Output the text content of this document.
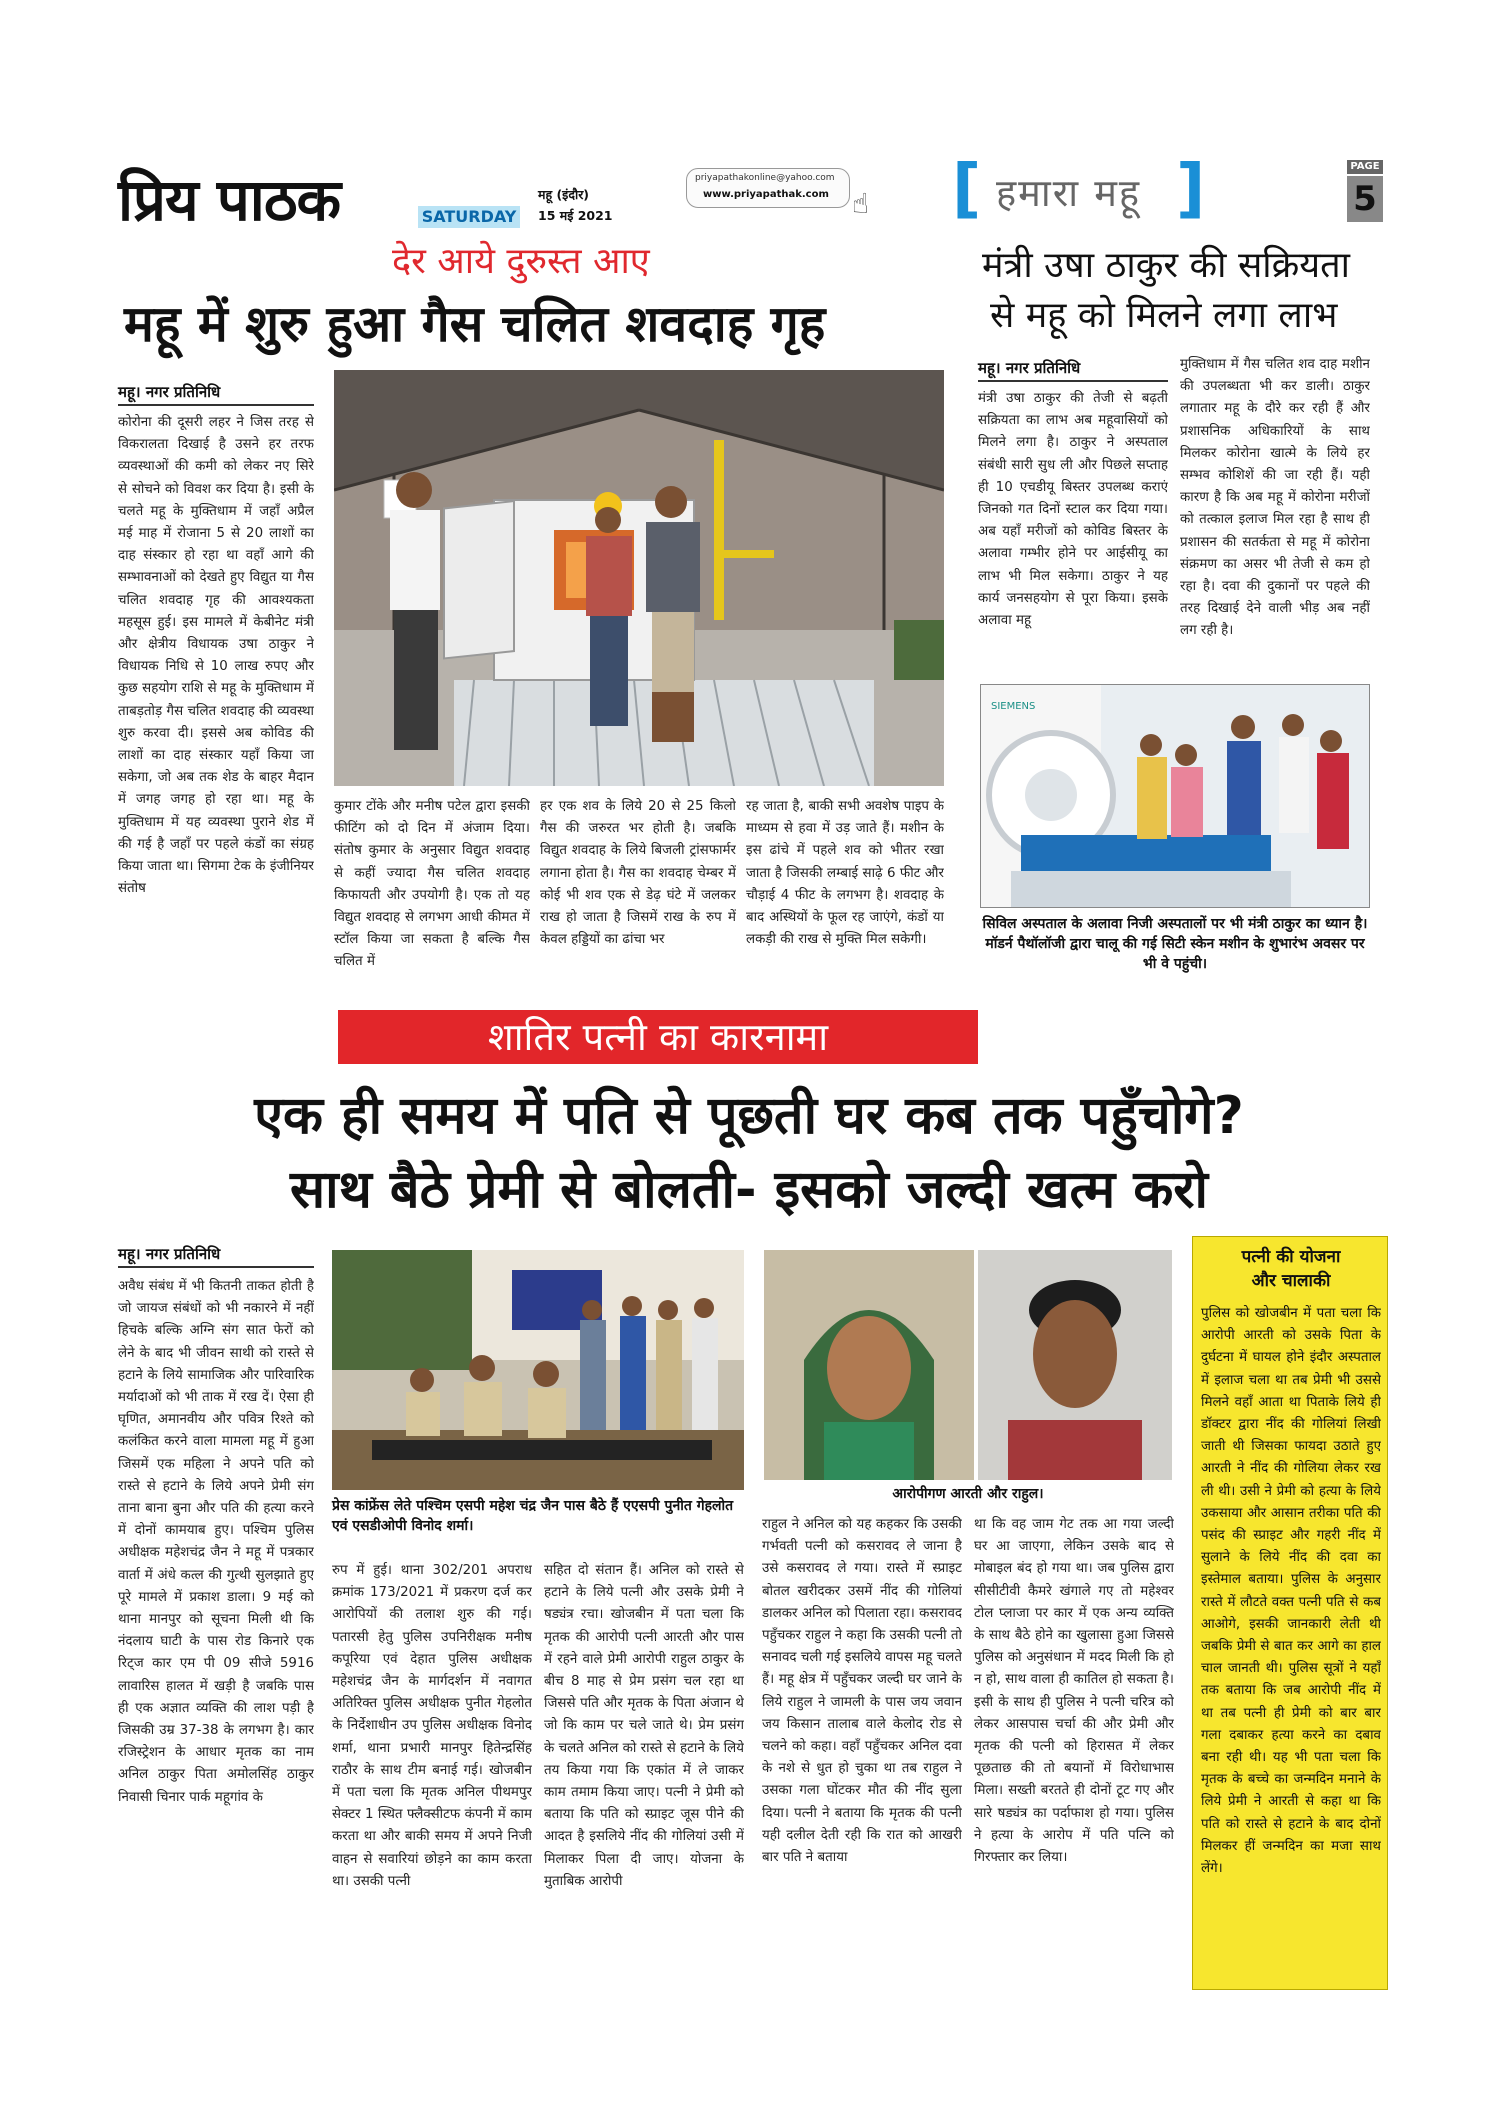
प्रिय पाठक	SATURDAY
महू (इंदौर)
15 मई 2021
priyapathakonline@yahoo.com
www.priyapathak.com ☝ [ हमारा महू ]	PAGE
5
देर आये दुरुस्त आए
महू में शुरु हुआ गैस चलित शवदाह गृह
महू। नगर प्रतिनिधि
कोरोना की दूसरी लहर ने जिस तरह से विकरालता दिखाई है उसने हर तरफ व्यवस्थाओं की कमी को लेकर नए सिरे से सोचने को विवश कर दिया है। इसी के चलते महू के मुक्तिधाम में जहाँ अप्रैल मई माह में रोजाना 5 से 20 लाशों का दाह संस्कार हो रहा था वहाँ आगे की सम्भावनाओं को देखते हुए विद्युत या गैस चलित शवदाह गृह की आवश्यकता महसूस हुई। इस मामले में केबीनेट मंत्री और क्षेत्रीय विधायक उषा ठाकुर ने विधायक निधि से 10 लाख रुपए और कुछ सहयोग राशि से महू के मुक्तिधाम में ताबड़तोड़ गैस चलित शवदाह की व्यवस्था शुरु करवा दी। इससे अब कोविड की लाशों का दाह संस्कार यहाँ किया जा सकेगा, जो अब तक शेड के बाहर मैदान में जगह जगह हो रहा था। महू के मुक्तिधाम में यह व्यवस्था पुराने शेड में की गई है जहाँ पर पहले कंडों का संग्रह किया जाता था। सिगमा टेक के इंजीनियर संतोष
कुमार टोंके और मनीष पटेल द्वारा इसकी फीटिंग को दो दिन में अंजाम दिया। संतोष कुमार के अनुसार विद्युत शवदाह से कहीं ज्यादा गैस चलित शवदाह किफायती और उपयोगी है। एक तो यह विद्युत शवदाह से लगभग आधी कीमत में स्टॉल किया जा सकता है बल्कि गैस चलित में
हर एक शव के लिये 20 से 25 किलो गैस की जरुरत भर होती है। जबकि विद्युत शवदाह के लिये बिजली ट्रांसफार्मर लगाना होता है। गैस का शवदाह चेम्बर में कोई भी शव एक से डेढ़ घंटे में जलकर राख हो जाता है जिसमें राख के रुप में केवल हड्डियों का ढांचा भर
रह जाता है, बाकी सभी अवशेष पाइप के माध्यम से हवा में उड़ जाते हैं। मशीन के इस ढांचे में पहले शव को भीतर रखा जाता है जिसकी लम्बाई साढ़े 6 फीट और चौड़ाई 4 फीट के लगभग है। शवदाह के बाद अस्थियों के फूल रह जाएंगे, कंडों या लकड़ी की राख से मुक्ति मिल सकेगी।
मंत्री उषा ठाकुर की सक्रियता
से महू को मिलने लगा लाभ
महू। नगर प्रतिनिधि
मंत्री उषा ठाकुर की तेजी से बढ़ती सक्रियता का लाभ अब महूवासियों को मिलने लगा है। ठाकुर ने अस्पताल संबंधी सारी सुध ली और पिछले सप्ताह ही 10 एचडीयू बिस्तर उपलब्ध कराएं जिनको गत दिनों स्टाल कर दिया गया। अब यहाँ मरीजों को कोविड बिस्तर के अलावा गम्भीर होने पर आईसीयू का लाभ भी मिल सकेगा। ठाकुर ने यह कार्य जनसहयोग से पूरा किया। इसके अलावा महू
मुक्तिधाम में गैस चलित शव दाह मशीन की उपलब्धता भी कर डाली। ठाकुर लगातार महू के दौरे कर रही हैं और प्रशासनिक अधिकारियों के साथ मिलकर कोरोना खात्मे के लिये हर सम्भव कोशिशें की जा रही हैं। यही कारण है कि अब महू में कोरोना मरीजों को तत्काल इलाज मिल रहा है साथ ही प्रशासन की सतर्कता से महू में कोरोना संक्रमण का असर भी तेजी से कम हो रहा है। दवा की दुकानों पर पहले की तरह दिखाई देने वाली भीड़ अब नहीं लग रही है।
SIEMENS
सिविल अस्पताल के अलावा निजी अस्पतालों पर भी मंत्री ठाकुर का ध्यान है। मॉडर्न पैथॉलॉजी द्वारा चालू की गई सिटी स्केन मशीन के शुभारंभ अवसर पर भी वे पहुंची।
शातिर पत्नी का कारनामा
एक ही समय में पति से पूछती घर कब तक पहुँचोगे?
साथ बैठे प्रेमी से बोलती- इसको जल्दी खत्म करो
महू। नगर प्रतिनिधि
अवैध संबंध में भी कितनी ताकत होती है जो जायज संबंधों को भी नकारने में नहीं हिचके बल्कि अग्नि संग सात फेरों को लेने के बाद भी जीवन साथी को रास्ते से हटाने के लिये सामाजिक और पारिवारिक मर्यादाओं को भी ताक में रख दें। ऐसा ही घृणित, अमानवीय और पवित्र रिश्ते को कलंकित करने वाला मामला महू में हुआ जिसमें एक महिला ने अपने पति को रास्ते से हटाने के लिये अपने प्रेमी संग ताना बाना बुना और पति की हत्या करने में दोनों कामयाब हुए। पश्चिम पुलिस अधीक्षक महेशचंद्र जैन ने महू में पत्रकार वार्ता में अंधे कत्ल की गुत्थी सुलझाते हुए पूरे मामले में प्रकाश डाला। 9 मई को थाना मानपुर को सूचना मिली थी कि नंदलाय घाटी के पास रोड किनारे एक रिट्ज कार एम पी 09 सीजे 5916 लावारिस हालत में खड़ी है जबकि पास ही एक अज्ञात व्यक्ति की लाश पड़ी है जिसकी उम्र 37-38 के लगभग है। कार रजिस्ट्रेशन के आधार मृतक का नाम अनिल ठाकुर पिता अमोलसिंह ठाकुर निवासी चिनार पार्क महूगांव के
प्रेस कांफ्रेंस लेते पश्चिम एसपी महेश चंद्र जैन पास बैठे हैं एएसपी पुनीत गेहलोत एवं एसडीओपी विनोद शर्मा।
रुप में हुई। थाना 302/201 अपराध क्रमांक 173/2021 में प्रकरण दर्ज कर आरोपियों की तलाश शुरु की गई। पतारसी हेतु पुलिस उपनिरीक्षक मनीष कपूरिया एवं देहात पुलिस अधीक्षक महेशचंद्र जैन के मार्गदर्शन में नवागत अतिरिक्त पुलिस अधीक्षक पुनीत गेहलोत के निर्देशाधीन उप पुलिस अधीक्षक विनोद शर्मा, थाना प्रभारी मानपुर हितेन्द्रसिंह राठौर के साथ टीम बनाई गई। खोजबीन में पता चला कि मृतक अनिल पीथमपुर सेक्टर 1 स्थित फ्लैक्सीटफ कंपनी में काम करता था और बाकी समय में अपने निजी वाहन से सवारियां छोड़ने का काम करता था। उसकी पत्नी
सहित दो संतान हैं। अनिल को रास्ते से हटाने के लिये पत्नी और उसके प्रेमी ने षड्यंत्र रचा। खोजबीन में पता चला कि मृतक की आरोपी पत्नी आरती और पास में रहने वाले प्रेमी आरोपी राहुल ठाकुर के बीच 8 माह से प्रेम प्रसंग चल रहा था जिससे पति और मृतक के पिता अंजान थे जो कि काम पर चले जाते थे। प्रेम प्रसंग के चलते अनिल को रास्ते से हटाने के लिये तय किया गया कि एकांत में ले जाकर काम तमाम किया जाए। पत्नी ने प्रेमी को बताया कि पति को स्प्राइट जूस पीने की आदत है इसलिये नींद की गोलियां उसी में मिलाकर पिला दी जाए। योजना के मुताबिक आरोपी
आरोपीगण आरती और राहुल।
राहुल ने अनिल को यह कहकर कि उसकी गर्भवती पत्नी को कसरावद ले जाना है उसे कसरावद ले गया। रास्ते में स्प्राइट बोतल खरीदकर उसमें नींद की गोलियां डालकर अनिल को पिलाता रहा। कसरावद पहुँचकर राहुल ने कहा कि उसकी पत्नी तो सनावद चली गई इसलिये वापस महू चलते हैं। महू क्षेत्र में पहुँचकर जल्दी घर जाने के लिये राहुल ने जामली के पास जय जवान जय किसान तालाब वाले केलोद रोड से चलने को कहा। वहाँ पहुँचकर अनिल दवा के नशे से धुत हो चुका था तब राहुल ने उसका गला घोंटकर मौत की नींद सुला दिया। पत्नी ने बताया कि मृतक की पत्नी यही दलील देती रही कि रात को आखरी बार पति ने बताया
था कि वह जाम गेट तक आ गया जल्दी घर आ जाएगा, लेकिन उसके बाद से मोबाइल बंद हो गया था। जब पुलिस द्वारा सीसीटीवी कैमरे खंगाले गए तो महेश्वर टोल प्लाजा पर कार में एक अन्य व्यक्ति के साथ बैठे होने का खुलासा हुआ जिससे पुलिस को अनुसंधान में मदद मिली कि हो न हो, साथ वाला ही कातिल हो सकता है। इसी के साथ ही पुलिस ने पत्नी चरित्र को लेकर आसपास चर्चा की और प्रेमी और मृतक की पत्नी को हिरासत में लेकर पूछताछ की तो बयानों में विरोधाभास मिला। सख्ती बरतते ही दोनों टूट गए और सारे षड्यंत्र का पर्दाफाश हो गया। पुलिस ने हत्या के आरोप में पति पत्नि को गिरफ्तार कर लिया।
पत्नी की योजना
और चालाकी
पुलिस को खोजबीन में पता चला कि आरोपी आरती को उसके पिता के दुर्घटना में घायल होने इंदौर अस्पताल में इलाज चला था तब प्रेमी भी उससे मिलने वहाँ आता था पिताके लिये ही डॉक्टर द्वारा नींद की गोलियां लिखी जाती थी जिसका फायदा उठाते हुए आरती ने नींद की गोलिया लेकर रख ली थी। उसी ने प्रेमी को हत्या के लिये उकसाया और आसान तरीका पति की पसंद की स्प्राइट और गहरी नींद में सुलाने के लिये नींद की दवा का इस्तेमाल बताया। पुलिस के अनुसार रास्ते में लौटते वक्त पत्नी पति से कब आओगे, इसकी जानकारी लेती थी जबकि प्रेमी से बात कर आगे का हाल चाल जानती थी। पुलिस सूत्रों ने यहाँ तक बताया कि जब आरोपी नींद में था तब पत्नी ही प्रेमी को बार बार गला दबाकर हत्या करने का दबाव बना रही थी। यह भी पता चला कि मृतक के बच्चे का जन्मदिन मनाने के लिये प्रेमी ने आरती से कहा था कि पति को रास्ते से हटाने के बाद दोनों मिलकर हीं जन्मदिन का मजा साथ लेंगे।
